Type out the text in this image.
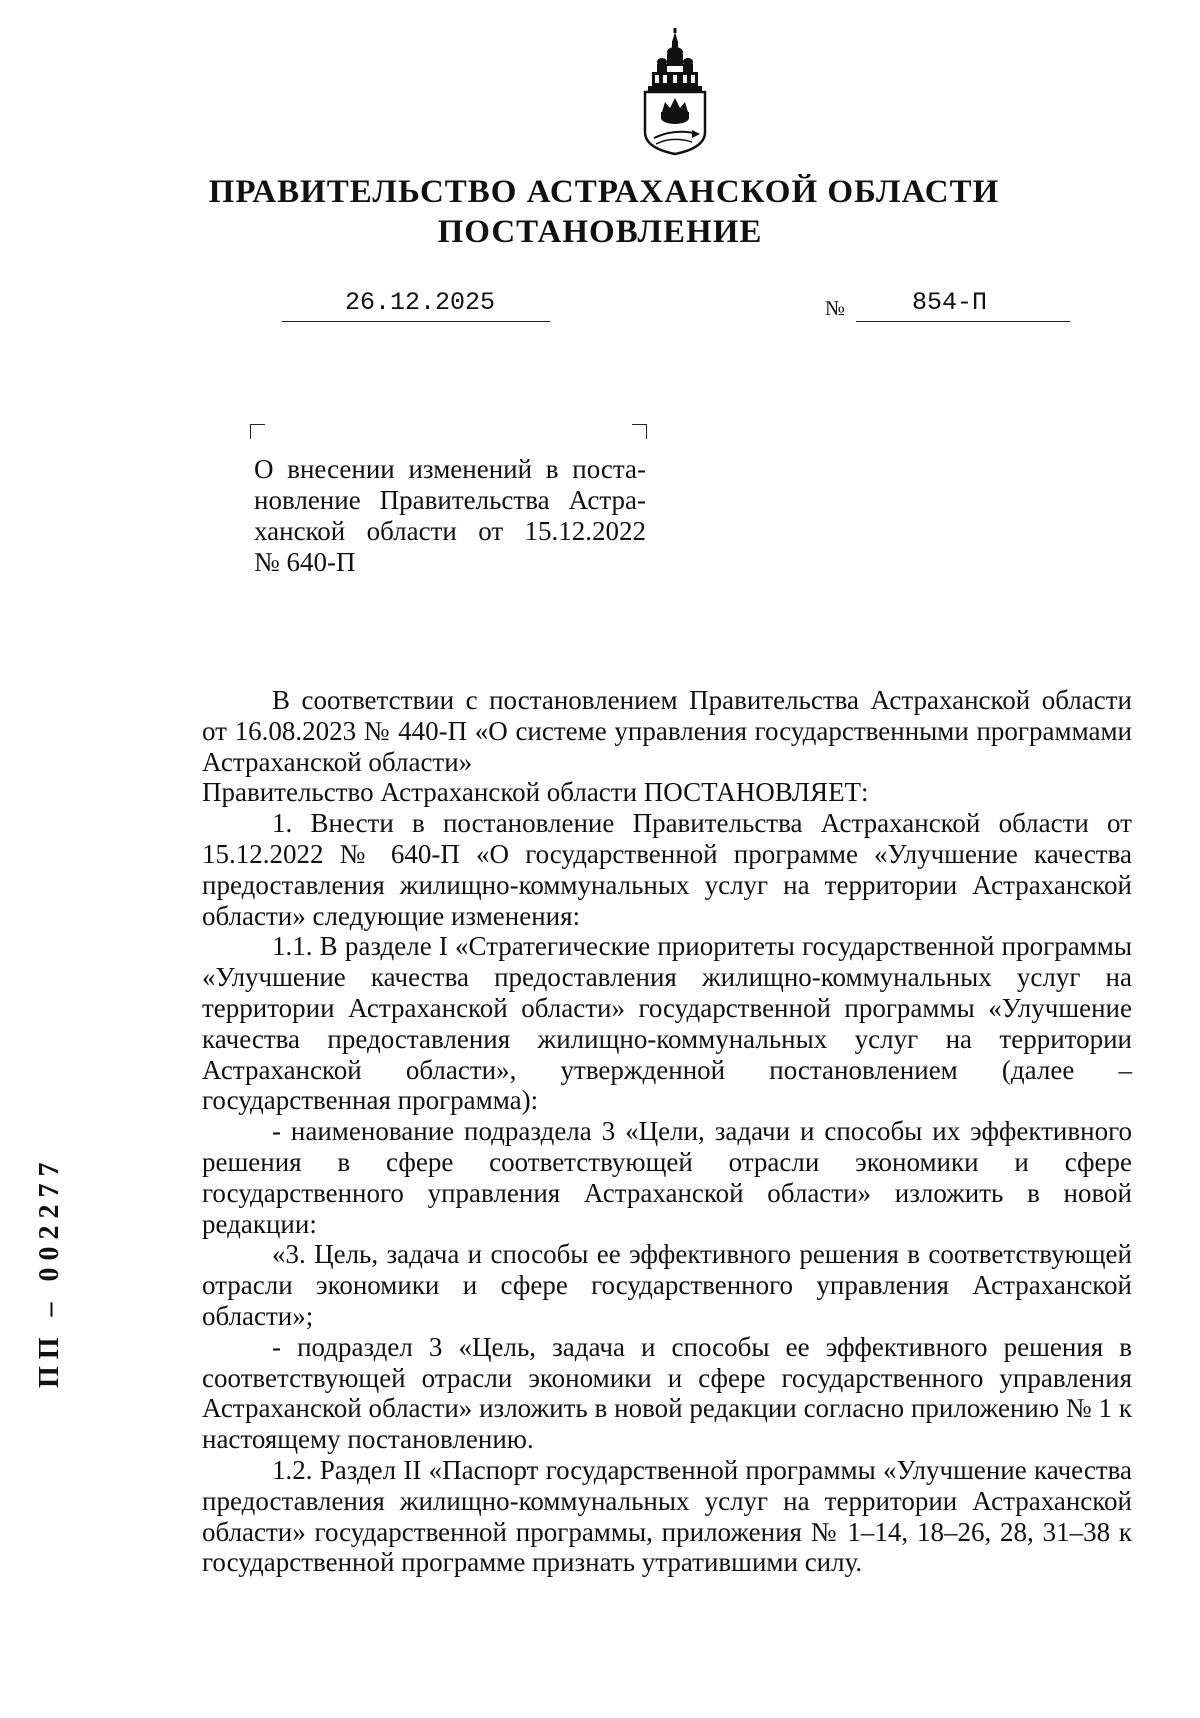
ПРАВИТЕЛЬСТВО АСТРАХАНСКОЙ ОБЛАСТИ
ПОСТАНОВЛЕНИЕ
26.12.2025	№	854-П
О внесении изменений в поста-
новление Правительства Астра-
ханской области от 15.12.2022
№ 640-П

В соответствии с постановлением Правительства Астраханской области от 16.08.2023 № 440-П «О системе управления государственными программами Астраханской области»

Правительство Астраханской области ПОСТАНОВЛЯЕТ:

1. Внести в постановление Правительства Астраханской области от 15.12.2022 № 640-П «О государственной программе «Улучшение качества предоставления жилищно-коммунальных услуг на территории Астраханской области» следующие изменения:

1.1. В разделе I «Стратегические приоритеты государственной программы «Улучшение качества предоставления жилищно-коммунальных услуг на территории Астраханской области» государственной программы «Улучшение качества предоставления жилищно-коммунальных услуг на территории Астраханской области», утвержденной постановлением (далее – государственная программа):

- наименование подраздела 3 «Цели, задачи и способы их эффективного решения в сфере соответствующей отрасли экономики и сфере государственного управления Астраханской области» изложить в новой редакции:

«3. Цель, задача и способы ее эффективного решения в соответствующей отрасли экономики и сфере государственного управления Астраханской области»;

- подраздел 3 «Цель, задача и способы ее эффективного решения в соответствующей отрасли экономики и сфере государственного управления Астраханской области» изложить в новой редакции согласно приложению № 1 к настоящему постановлению.

1.2. Раздел II «Паспорт государственной программы «Улучшение качества предоставления жилищно-коммунальных услуг на территории Астраханской области» государственной программы, приложения № 1–14, 18–26, 28, 31–38 к государственной программе признать утратившими силу.

ПП – 002277
